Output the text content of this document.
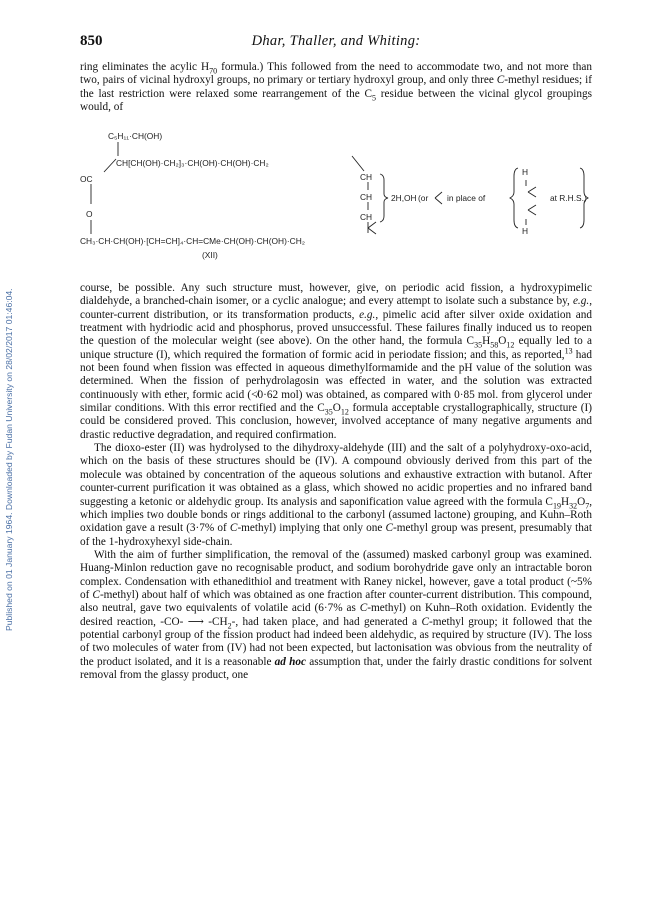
Published on 01 January 1964. Downloaded by Fudan University on 28/02/2017 01:46:04.
850	Dhar, Thaller, and Whiting:

ring eliminates the acylic $H_{70}$ formula.) This followed from the need to accommodate two, and not more than two, pairs of vicinal hydroxyl groups, no primary or tertiary hydroxyl group, and only three C-methyl residues; if the last restriction were relaxed some rearrangement of the $C_5$ residue between the vicinal glycol groupings would, of

C₅H₁₁·CH(OH)
CH[CH(OH)·CH₂]₃·CH(OH)·CH(OH)·CH₂
OC
O
CH
CH
CH
2H,OH (or in place of
H
H
at R.H.S.)
CH₃·CH·CH(OH)·[CH=CH]₄·CH=CMe·CH(OH)·CH(OH)·CH₂
(XII)

course, be possible. Any such structure must, however, give, on periodic acid fission, a hydroxypimelic dialdehyde, a branched-chain isomer, or a cyclic analogue; and every attempt to isolate such a substance by, e.g., counter-current distribution, or its transformation products, e.g., pimelic acid after silver oxide oxidation and treatment with hydriodic acid and phosphorus, proved unsuccessful. These failures finally induced us to reopen the question of the molecular weight (see above). On the other hand, the formula $C_{35}H_{58}O_{12}$ equally led to a unique structure (I), which required the formation of formic acid in periodate fission; and this, as reported,$^{13}$ had not been found when fission was effected in aqueous dimethylformamide and the pH value of the solution was determined. When the fission of perhydrolagosin was effected in water, and the solution was extracted continuously with ether, formic acid (≮0·62 mol) was obtained, as compared with 0·85 mol. from glycerol under similar conditions. With this error rectified and the $C_{35}O_{12}$ formula acceptable crystallographically, structure (I) could be considered proved. This conclusion, however, involved acceptance of many negative arguments and drastic reductive degradation, and required confirmation.

The dioxo-ester (II) was hydrolysed to the dihydroxy-aldehyde (III) and the salt of a polyhydroxy-oxo-acid, which on the basis of these structures should be (IV). A compound obviously derived from this part of the molecule was obtained by concentration of the aqueous solutions and exhaustive extraction with butanol. After counter-current purification it was obtained as a glass, which showed no acidic properties and no infrared band suggesting a ketonic or aldehydic group. Its analysis and saponification value agreed with the formula $C_{19}H_{32}O_7$, which implies two double bonds or rings additional to the carbonyl (assumed lactone) grouping, and Kuhn–Roth oxidation gave a result (3·7% of C-methyl) implying that only one C-methyl group was present, presumably that of the 1-hydroxyhexyl side-chain.

With the aim of further simplification, the removal of the (assumed) masked carbonyl group was examined. Huang-Minlon reduction gave no recognisable product, and sodium borohydride gave only an intractable boron complex. Condensation with ethanedithiol and treatment with Raney nickel, however, gave a total product (~5% of C-methyl) about half of which was obtained as one fraction after counter-current distribution. This compound, also neutral, gave two equivalents of volatile acid (6·7% as C-methyl) on Kuhn–Roth oxidation. Evidently the desired reaction, -CO- ⟶ $-CH_2-$, had taken place, and had generated a C-methyl group; it followed that the potential carbonyl group of the fission product had indeed been aldehydic, as required by structure (IV). The loss of two molecules of water from (IV) had not been expected, but lactonisation was obvious from the neutrality of the product isolated, and it is a reasonable ad hoc assumption that, under the fairly drastic conditions for solvent removal from the glassy product, one
